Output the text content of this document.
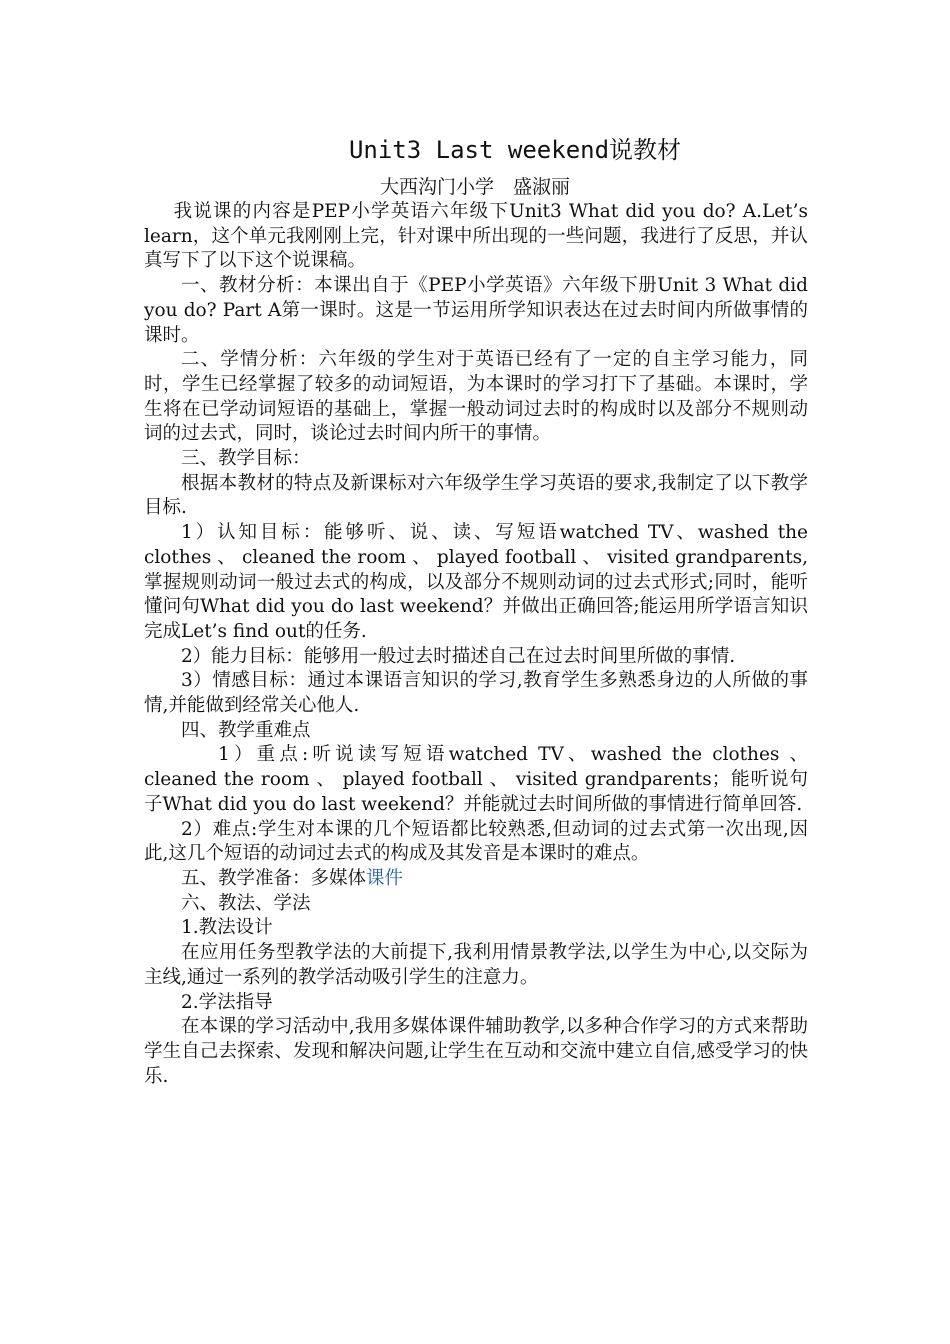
Unit3 Last weekend说教材
大西沟门小学　盛淑丽

我说课的内容是PEP小学英语六年级下Unit3 What did you do? A.Let’s learn，这个单元我刚刚上完，针对课中所出现的一些问题，我进行了反思，并认真写下了以下这个说课稿。

一、教材分析：本课出自于《PEP小学英语》六年级下册Unit 3 What did you do? Part A第一课时。这是一节运用所学知识表达在过去时间内所做事情的课时。

二、学情分析：六年级的学生对于英语已经有了一定的自主学习能力，同时，学生已经掌握了较多的动词短语，为本课时的学习打下了基础。本课时，学生将在已学动词短语的基础上，掌握一般动词过去时的构成时以及部分不规则动词的过去式，同时，谈论过去时间内所干的事情。

三、教学目标：

根据本教材的特点及新课标对六年级学生学习英语的要求,我制定了以下教学目标.

1）认知目标：能够听、说、读、写短语watched TV、washed the clothes 、 cleaned the room 、 played football 、 visited grandparents,掌握规则动词一般过去式的构成，以及部分不规则动词的过去式形式;同时，能听懂问句What did you do last weekend？并做出正确回答;能运用所学语言知识完成Let’s find out的任务.

2）能力目标：能够用一般过去时描述自己在过去时间里所做的事情.

3）情感目标：通过本课语言知识的学习,教育学生多熟悉身边的人所做的事情,并能做到经常关心他人.

四、教学重难点

1）重点:听说读写短语watched TV、washed the clothes 、 cleaned the room 、 played football 、 visited grandparents；能听说句子What did you do last weekend？并能就过去时间所做的事情进行简单回答.

2）难点:学生对本课的几个短语都比较熟悉,但动词的过去式第一次出现,因此,这几个短语的动词过去式的构成及其发音是本课时的难点。

五、教学准备：多媒体课件

六、教法、学法

1.教法设计

在应用任务型教学法的大前提下,我利用情景教学法,以学生为中心,以交际为主线,通过一系列的教学活动吸引学生的注意力。

2.学法指导

在本课的学习活动中,我用多媒体课件辅助教学,以多种合作学习的方式来帮助学生自己去探索、发现和解决问题,让学生在互动和交流中建立自信,感受学习的快乐.
